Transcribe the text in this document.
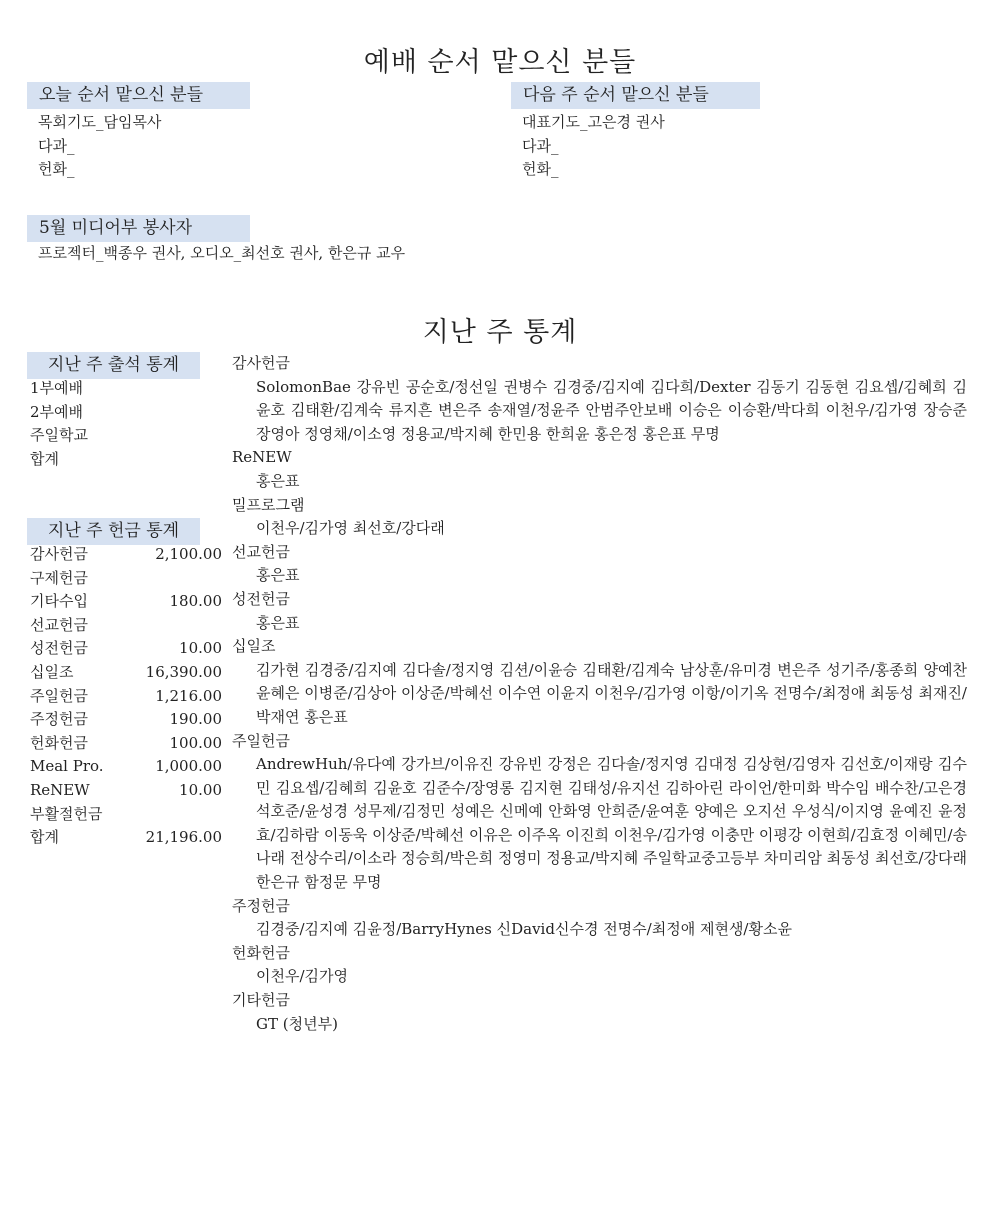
예배 순서 맡으신 분들
오늘 순서 맡으신 분들
목회기도_담임목사
다과_
헌화_
다음 주 순서 맡으신 분들
대표기도_고은경 권사
다과_
헌화_
5월 미디어부 봉사자
프로젝터_백종우 권사, 오디오_최선호 권사, 한은규 교우
지난 주 통계
지난 주 출석 통계
1부예배
2부예배
주일학교
합계
지난 주 헌금 통계
감사헌금	2,100.00
구제헌금
기타수입	180.00
선교헌금
성전헌금	10.00
십일조	16,390.00
주일헌금	1,216.00
주정헌금	190.00
헌화헌금	100.00
Meal Pro.	1,000.00
ReNEW	10.00
부활절헌금
합계	21,196.00
감사헌금
SolomonBae 강유빈 공순호/정선일 권병수 김경중/김지예 김다희/Dexter 김동기 김동현 김요셉/김혜희 김윤호 김태환/김계숙 류지흔 변은주 송재열/정윤주 안범주안보배 이승은 이승환/박다희 이천우/김가영 장승준 장영아 정영채/이소영 정용교/박지혜 한민용 한희윤 홍은정 홍은표 무명
ReNEW
홍은표
밀프로그램
이천우/김가영 최선호/강다래
선교헌금
홍은표
성전헌금
홍은표
십일조
김가현 김경중/김지예 김다솔/정지영 김션/이윤승 김태환/김계숙 남상훈/유미경 변은주 성기주/홍종희 양예찬 윤혜은 이병준/김상아 이상준/박혜선 이수연 이윤지 이천우/김가영 이항/이기옥 전명수/최정애 최동성 최재진/박재연 홍은표
주일헌금
AndrewHuh/유다예 강가브/이유진 강유빈 강정은 김다솔/정지영 김대정 김상현/김영자 김선호/이재랑 김수민 김요셉/김혜희 김윤호 김준수/장영롱 김지현 김태성/유지선 김하아린 라이언/한미화 박수임 배수찬/고은경 석호준/윤성경 성무제/김정민 성예은 신메예 안화영 안희준/윤여훈 양예은 오지선 우성식/이지영 윤예진 윤정효/김하람 이동욱 이상준/박혜선 이유은 이주옥 이진희 이천우/김가영 이충만 이평강 이현희/김효정 이혜민/송나래 전상수리/이소라 정승희/박은희 정영미 정용교/박지혜 주일학교중고등부 차미리암 최동성 최선호/강다래 한은규 함정문 무명
주정헌금
김경중/김지예 김윤정/BarryHynes 신David신수경 전명수/최정애 제현생/황소윤
헌화헌금
이천우/김가영
기타헌금
GT (청년부)
